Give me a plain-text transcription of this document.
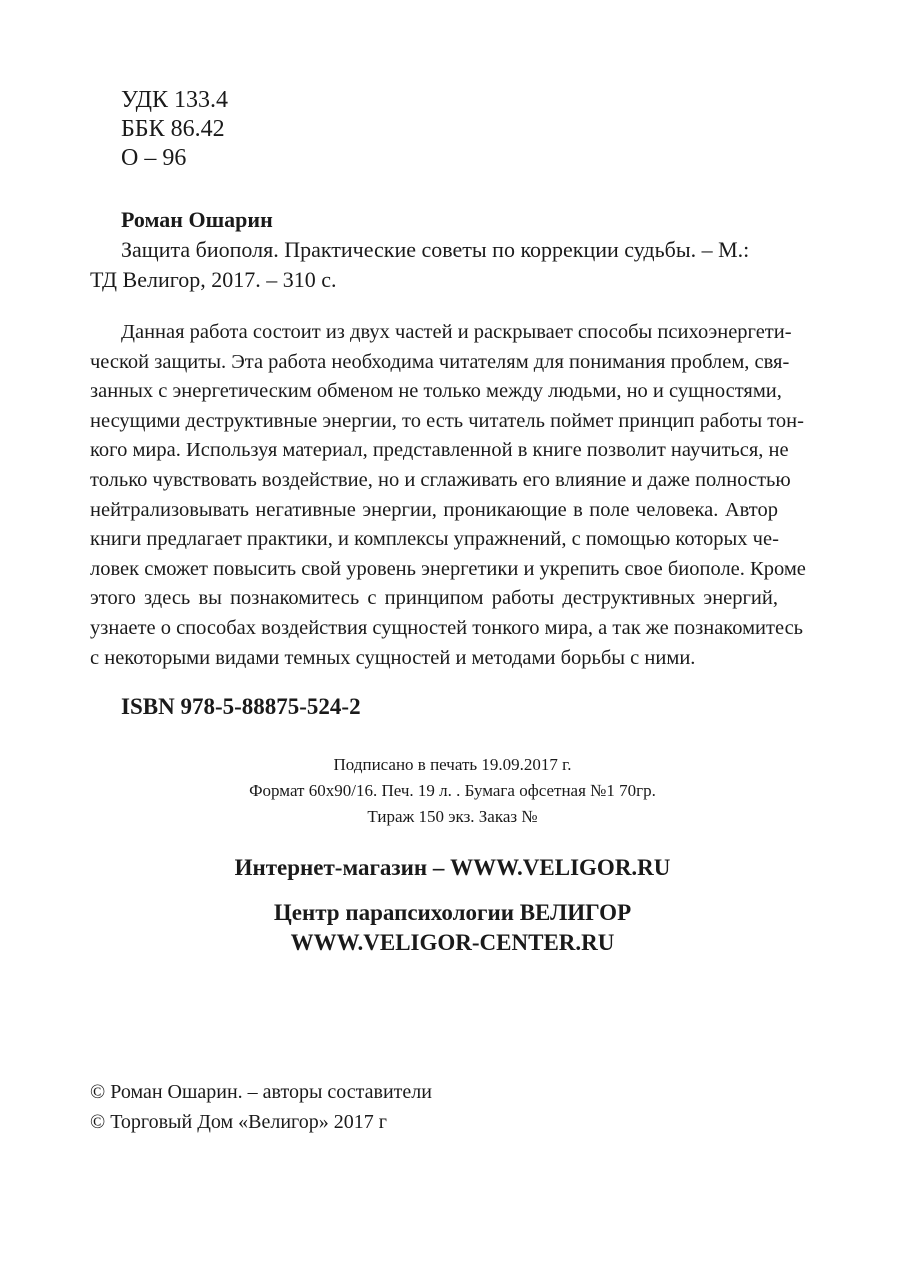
УДК 133.4
ББК 86.42
О – 96
Роман Ошарин
Защита биополя. Практические советы по коррекции судьбы. – М.:
ТД Велигор, 2017. – 310 с.
Данная работа состоит из двух частей и раскрывает способы психоэнергети-
ческой защиты. Эта работа необходима читателям для понимания проблем, свя-
занных с энергетическим обменом не только между людьми, но и сущностями,
несущими деструктивные энергии, то есть читатель поймет принцип работы тон-
кого мира. Используя материал, представленной в книге позволит научиться, не
только чувствовать воздействие, но и сглаживать его влияние и даже полностью
нейтрализовывать негативные энергии, проникающие в поле человека. Автор
книги предлагает практики, и комплексы упражнений, с помощью которых че-
ловек сможет повысить свой уровень энергетики и укрепить свое биополе. Кроме
этого здесь вы познакомитесь с принципом работы деструктивных энергий,
узнаете о способах воздействия сущностей тонкого мира, а так же познакомитесь
с некоторыми видами темных сущностей и методами борьбы с ними.
ISBN 978-5-88875-524-2
Подписано в печать 19.09.2017 г.
Формат 60х90/16. Печ. 19 л. . Бумага офсетная №1 70гр.
Тираж 150 экз. Заказ №
Интернет-магазин – WWW.VELIGOR.RU
Центр парапсихологии ВЕЛИГОР
WWW.VELIGOR-CENTER.RU
© Роман Ошарин. – авторы составители
© Торговый Дом «Велигор» 2017 г
